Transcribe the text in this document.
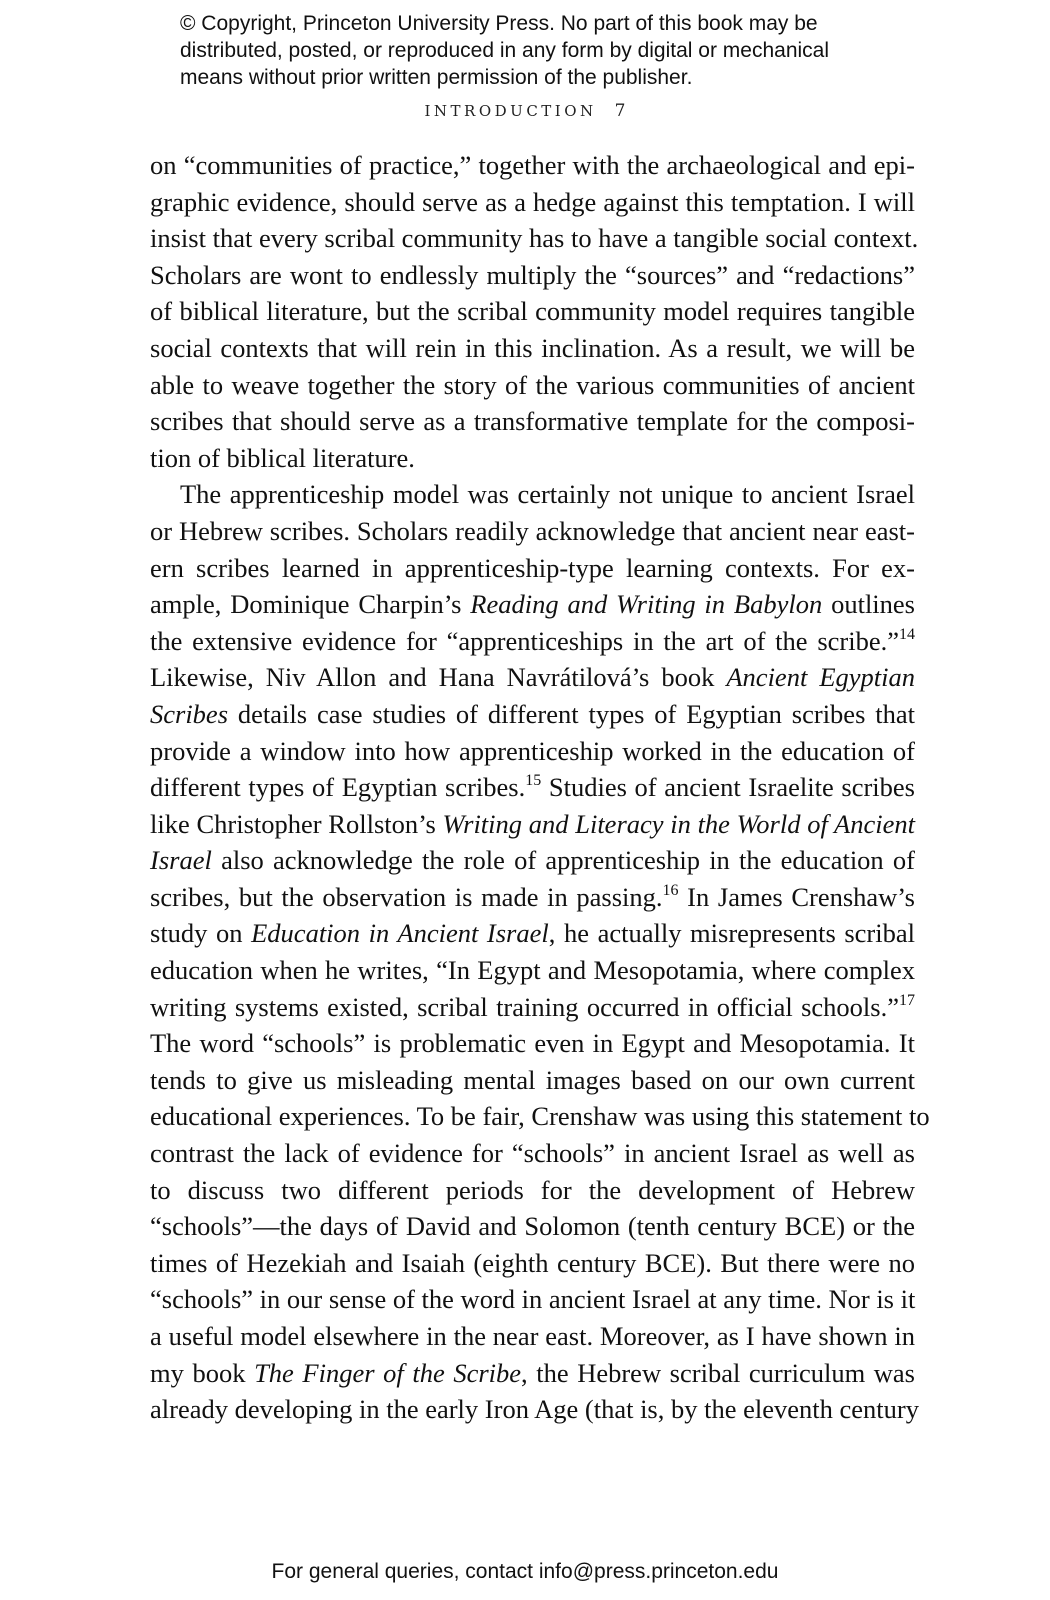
© Copyright, Princeton University Press. No part of this book may be
distributed, posted, or reproduced in any form by digital or mechanical
means without prior written permission of the publisher.
INTRODUCTION 7
on “communities of practice,” together with the archaeological and epi-
graphic evidence, should serve as a hedge against this temptation. I will
insist that every scribal community has to have a tangible social context.
Scholars are wont to endlessly multiply the “sources” and “redactions”
of biblical literature, but the scribal community model requires tangible
social contexts that will rein in this inclination. As a result, we will be
able to weave together the story of the various communities of ancient
scribes that should serve as a transformative template for the composi-
tion of biblical literature.
The apprenticeship model was certainly not unique to ancient Israel
or Hebrew scribes. Scholars readily acknowledge that ancient near east-
ern scribes learned in apprenticeship-type learning contexts. For ex-
ample, Dominique Charpin’s Reading and Writing in Babylon outlines
the extensive evidence for “apprenticeships in the art of the scribe.”$^{14}$
Likewise, Niv Allon and Hana Navrátilová’s book Ancient Egyptian
Scribes details case studies of different types of Egyptian scribes that
provide a window into how apprenticeship worked in the education of
different types of Egyptian scribes.$^{15}$ Studies of ancient Israelite scribes
like Christopher Rollston’s Writing and Literacy in the World of Ancient
Israel also acknowledge the role of apprenticeship in the education of
scribes, but the observation is made in passing.$^{16}$ In James Crenshaw’s
study on Education in Ancient Israel, he actually misrepresents scribal
education when he writes, “In Egypt and Mesopotamia, where complex
writing systems existed, scribal training occurred in official schools.”$^{17}$
The word “schools” is problematic even in Egypt and Mesopotamia. It
tends to give us misleading mental images based on our own current
educational experiences. To be fair, Crenshaw was using this statement to
contrast the lack of evidence for “schools” in ancient Israel as well as
to discuss two different periods for the development of Hebrew
“schools”—the days of David and Solomon (tenth century BCE) or the
times of Hezekiah and Isaiah (eighth century BCE). But there were no
“schools” in our sense of the word in ancient Israel at any time. Nor is it
a useful model elsewhere in the near east. Moreover, as I have shown in
my book The Finger of the Scribe, the Hebrew scribal curriculum was
already developing in the early Iron Age (that is, by the eleventh century
For general queries, contact info@press.princeton.edu
